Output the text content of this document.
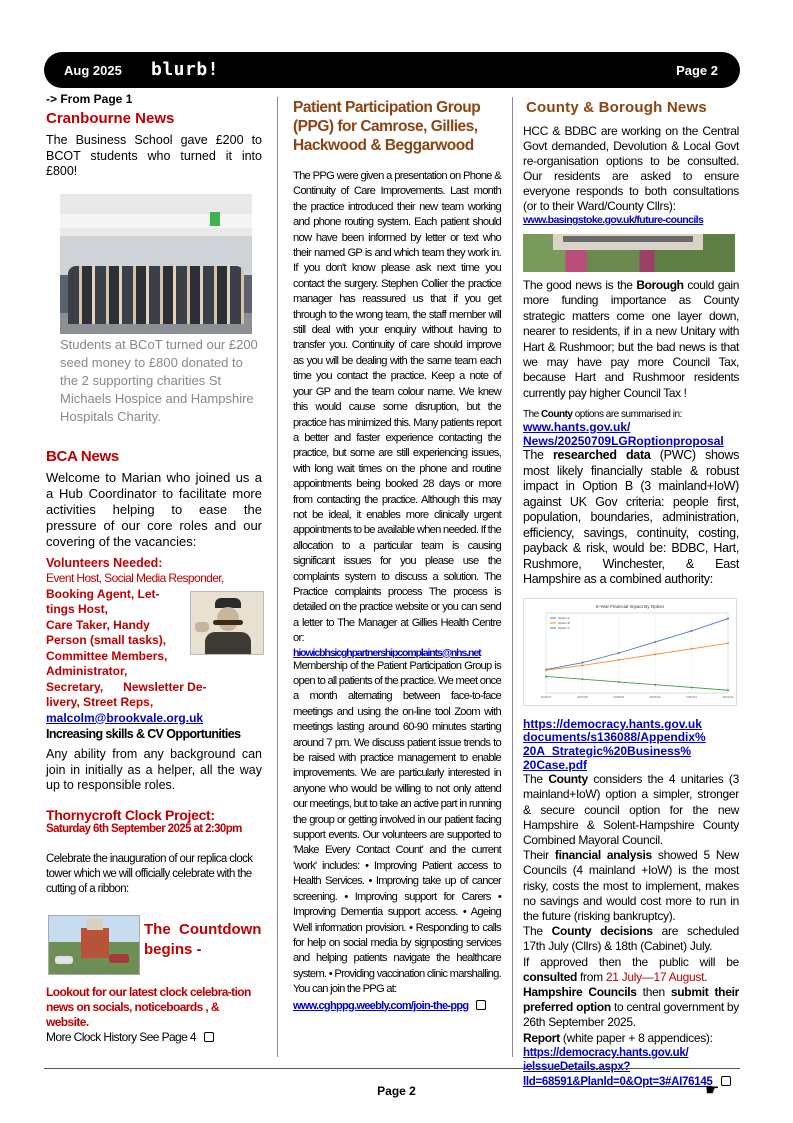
Aug 2025 blurb!	Page 2

-> From Page 1

Cranbourne News

The Business School gave £200 to BCOT students who turned it into £800!

Students at BCoT turned our £200 seed money to £800 donated to the 2 supporting charities St Michaels Hospice and Hampshire Hospitals Charity.

BCA News

Welcome to Marian who joined us a a Hub Coordinator to facilitate more activities helping to ease the pressure of our core roles and our covering of the vacancies:

Volunteers Needed:

Event Host, Social Media Responder,

Booking Agent, Let-

tings Host,

Care Taker, Handy

Person (small tasks),

Committee Members,

Administrator,

Secretary,      Newsletter De-

livery, Street Reps,

malcolm@brookvale.org.uk

Increasing skills & CV Opportunities

Any ability from any background can join in initially as a helper, all the way up to responsible roles.

Thornycroft Clock Project:

Saturday 6th September 2025 at 2:30pm

Celebrate the inauguration of our replica clock tower which we will officially celebrate with the cutting of a ribbon:

The  Countdown

begins -

Lookout for our latest clock celebra-tion news on socials, noticeboards , & website.

More Clock History See Page 4

Patient Participation Group (PPG) for Camrose, Gillies, Hackwood & Beggarwood

The PPG were given a presentation on Phone & Continuity of Care Improvements. Last month the practice introduced their new team working and phone routing system. Each patient should now have been informed by letter or text who their named GP is and which team they work in. If you don't know please ask next time you contact the surgery. Stephen Collier the practice manager has reassured us that if you get through to the wrong team, the staff member will still deal with your enquiry without having to transfer you. Continuity of care should improve as you will be dealing with the same team each time you contact the practice. Keep a note of your GP and the team colour name. We knew this would cause some disruption, but the practice has minimized this. Many patients report a better and faster experience contacting the practice, but some are still experiencing issues, with long wait times on the phone and routine appointments being booked 28 days or more from contacting the practice. Although this may not be ideal, it enables more clinically urgent appointments to be available when needed. If the allocation to a particular team is causing significant issues for you please use the complaints system to discuss a solution. The Practice complaints process The process is detailed on the practice website or you can send a letter to The Manager at Gillies Health Centre or:

hiowicbhsicghpartnershipcomplaints@nhs.net

Membership of the Patient Participation Group is open to all patients of the practice. We meet once a month alternating between face-to-face meetings and using the on-line tool Zoom with meetings lasting around 60-90 minutes starting around 7 pm. We discuss patient issue trends to be raised with practice management to enable improvements. We are particularly interested in anyone who would be willing to not only attend our meetings, but to take an active part in running the group or getting involved in our patient facing support events. Our volunteers are supported to 'Make Every Contact Count' and the current 'work' includes: • Improving Patient access to Health Services. • Improving take up of cancer screening. • Improving support for Carers • Improving Dementia support access. • Ageing Well information provision. • Responding to calls for help on social media by signposting services and helping patients navigate the healthcare system. • Providing vaccination clinic marshalling. You can join the PPG at:

www.cghppg.weebly.com/join-the-ppg

County & Borough News

HCC & BDBC are working on the Central Govt demanded, Devolution & Local Govt re-organisation options to be consulted. Our residents are asked to ensure everyone responds to both consultations (or to their Ward/County Cllrs):

www.basingstoke.gov.uk/future-councils

The good news is the Borough could gain more funding importance as County strategic matters come one layer down, nearer to residents, if in a new Unitary with Hart & Rushmoor; but the bad news is that we may have pay more Council Tax, because Hart and Rushmoor residents currently pay higher Council Tax !

The County options are summarised in:

www.hants.gov.uk/
News/20250709LGRoptionproposal

The researched data (PWC) shows most likely financially stable & robust impact in Option B (3 mainland+IoW) against UK Gov criteria: people first, population, boundaries, administration, efficiency, savings, continuity, costing, payback & risk, would be: BDBC, Hart, Rushmore, Winchester, & East Hampshire as a combined authority:

5-Year Financial Impact By Option
Option A
Option B
Option C
2026/27	2027/28	2028/29	2029/30	2030/31	2031/32

https://democracy.hants.gov.uk
documents/s136088/Appendix%
20A_Strategic%20Business%
20Case.pdf

The County considers the 4 unitaries (3 mainland+IoW) option a simpler, stronger & secure council option for the new Hampshire & Solent-Hampshire County Combined Mayoral Council.

Their financial analysis showed 5 New Councils (4 mainland +IoW) is the most risky, costs the most to implement, makes no savings and would cost more to run in the future (risking bankruptcy).

The County decisions are scheduled 17th July (Cllrs) & 18th (Cabinet) July.

If approved then the public will be consulted from 21 July—17 August.

Hampshire Councils then submit their preferred option to central government by 26th September 2025.

Report (white paper + 8 appendices):

https://democracy.hants.gov.uk/
ielssueDetails.aspx?
lld=68591&Planld=0&Opt=3#AI76145

Page 2	☛
